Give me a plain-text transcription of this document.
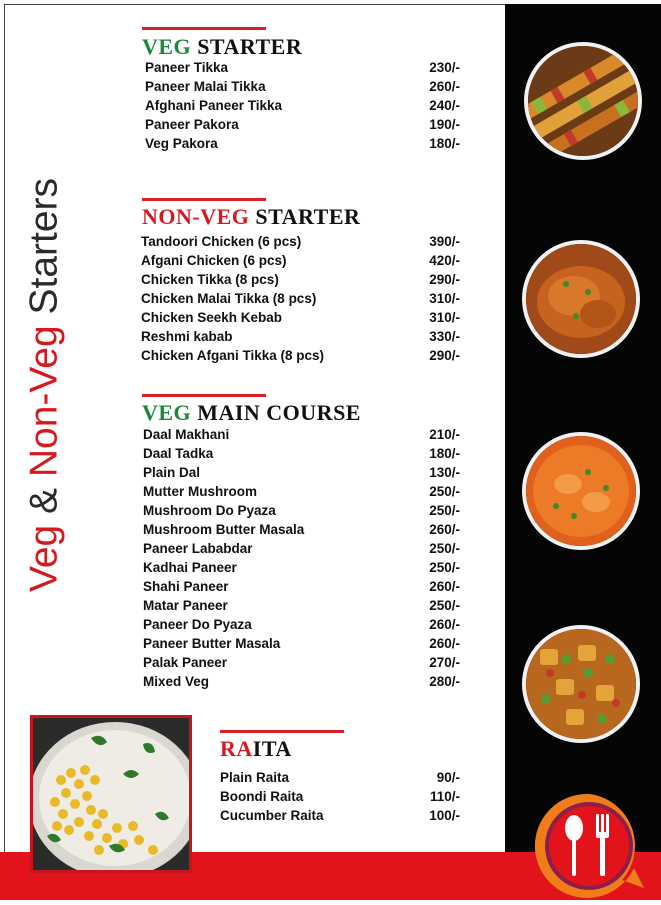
Veg & Non-Veg Starters
VEG STARTER
Paneer Tikka	230/-
Paneer Malai Tikka	260/-
Afghani Paneer Tikka	240/-
Paneer Pakora	190/-
Veg Pakora	180/-
NON-VEG STARTER
Tandoori Chicken (6 pcs)	390/-
Afgani Chicken (6 pcs)	420/-
Chicken Tikka (8 pcs)	290/-
Chicken Malai Tikka (8 pcs)	310/-
Chicken Seekh Kebab	310/-
Reshmi kabab	330/-
Chicken Afgani Tikka (8 pcs)	290/-
VEG MAIN COURSE
Daal Makhani	210/-
Daal Tadka	180/-
Plain Dal	130/-
Mutter Mushroom	250/-
Mushroom Do Pyaza	250/-
Mushroom Butter Masala	260/-
Paneer Lababdar	250/-
Kadhai Paneer	250/-
Shahi Paneer	260/-
Matar Paneer	250/-
Paneer Do Pyaza	260/-
Paneer Butter Masala	260/-
Palak Paneer	270/-
Mixed Veg	280/-
RAITA
Plain Raita	90/-
Boondi Raita	110/-
Cucumber Raita	100/-
